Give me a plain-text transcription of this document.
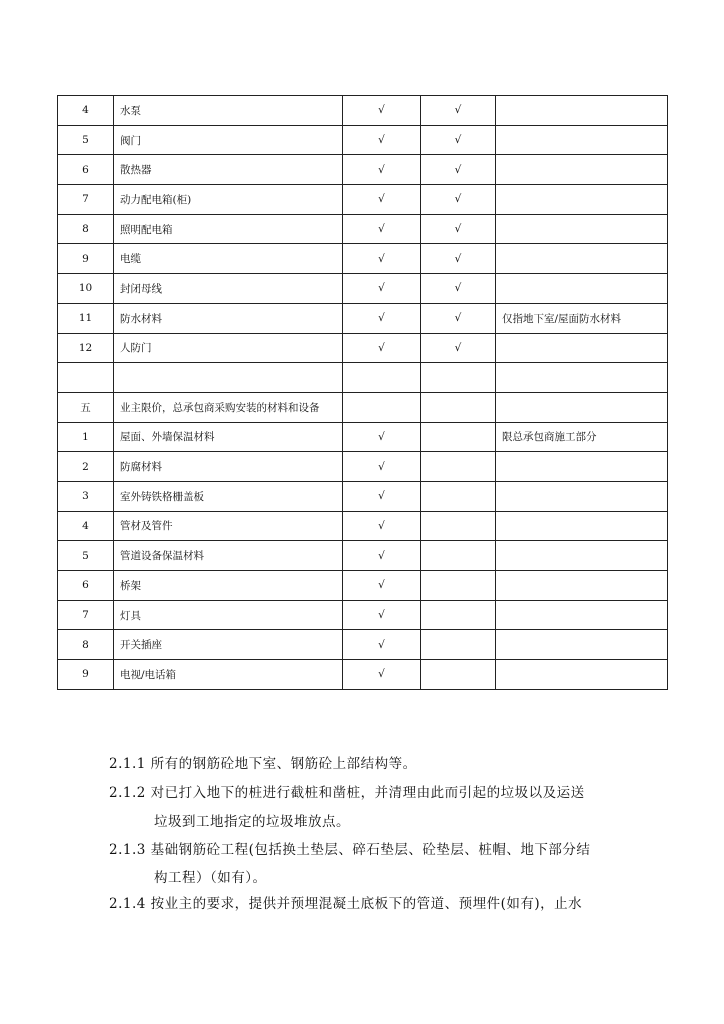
4	水泵	√	√	
5	阀门	√	√	
6	散热器	√	√	
7	动力配电箱(柜)	√	√	
8	照明配电箱	√	√	
9	电缆	√	√	
10	封闭母线	√	√	
11	防水材料	√	√	仅指地下室/屋面防水材料
12	人防门	√	√	

五	业主限价，总承包商采购安装的材料和设备			
1	屋面、外墙保温材料	√		限总承包商施工部分
2	防腐材料	√		
3	室外铸铁格栅盖板	√		
4	管材及管件	√		
5	管道设备保温材料	√		
6	桥架	√		
7	灯具	√		
8	开关插座	√		
9	电视/电话箱	√		
2.1.1 所有的钢筋砼地下室、钢筋砼上部结构等。
2.1.2 对已打入地下的桩进行截桩和凿桩，并清理由此而引起的垃圾以及运送
垃圾到工地指定的垃圾堆放点。
2.1.3 基础钢筋砼工程(包括换土垫层、碎石垫层、砼垫层、桩帽、地下部分结
构工程）（如有）。
2.1.4 按业主的要求，提供并预埋混凝土底板下的管道、预埋件(如有)，止水
